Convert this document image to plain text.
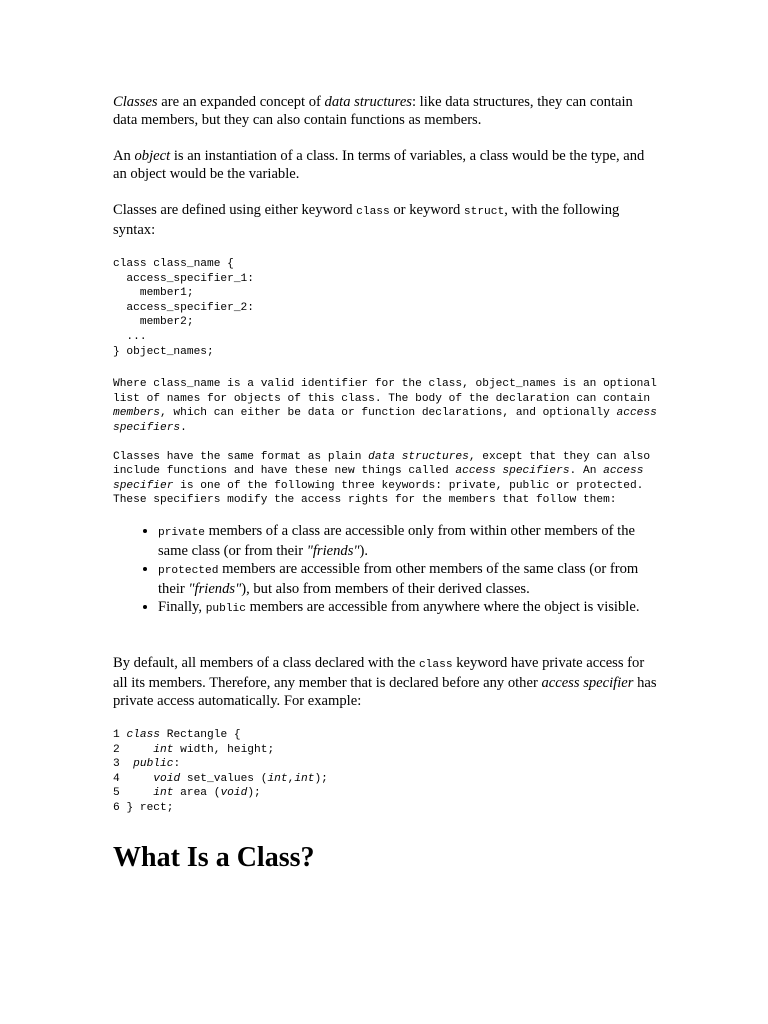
Classes are an expanded concept of data structures: like data structures, they can contain data members, but they can also contain functions as members.

An object is an instantiation of a class. In terms of variables, a class would be the type, and an object would be the variable.

Classes are defined using either keyword class or keyword struct, with the following syntax:

class class_name {
access_specifier_1:
member1;
access_specifier_2:
member2;
...
} object_names;

Where class_name is a valid identifier for the class, object_names is an optional list of names for objects of this class. The body of the declaration can contain members, which can either be data or function declarations, and optionally access specifiers.

Classes have the same format as plain data structures, except that they can also include functions and have these new things called access specifiers. An access specifier is one of the following three keywords: private, public or protected. These specifiers modify the access rights for the members that follow them:

• private members of a class are accessible only from within other members of the same class (or from their "friends").
• protected members are accessible from other members of the same class (or from their "friends"), but also from members of their derived classes.
• Finally, public members are accessible from anywhere where the object is visible.

By default, all members of a class declared with the class keyword have private access for all its members. Therefore, any member that is declared before any other access specifier has private access automatically. For example:

1 class Rectangle {
2	int width, height;
3 public:
4	void set_values (int,int);
5	int area (void);
6 } rect;
What Is a Class?
